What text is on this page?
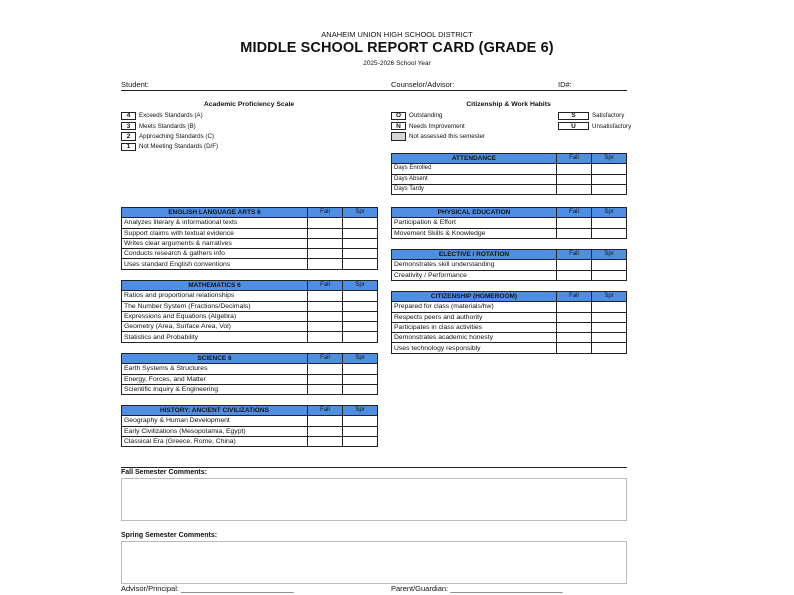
ANAHEIM UNION HIGH SCHOOL DISTRICT
MIDDLE SCHOOL REPORT CARD (GRADE 6)
2025-2026 School Year
Student:	Counselor/Advisor:	ID#:
Academic Proficiency Scale
4	Exceeds Standards (A)
3	Meets Standards (B)
2	Approaching Standards (C)
1	Not Meeting Standards (D/F)
Citizenship & Work Habits
O	Outstanding
N	Needs Improvement
Not assessed this semester
S	Satisfactory
U	Unsatisfactory
ATTENDANCE	Fall	Spr
Days Enrolled		
Days Absent		
Days Tardy		
ENGLISH LANGUAGE ARTS 6	Fall	Spr
Analyzes literary & informational texts		
Support claims with textual evidence		
Writes clear arguments & narratives		
Conducts research & gathers info		
Uses standard English conventions		
MATHEMATICS 6	Fall	Spr
Ratios and proportional relationships		
The Number System (Fractions/Decimals)		
Expressions and Equations (Algebra)		
Geometry (Area, Surface Area, Vol)		
Statistics and Probability		
SCIENCE 6	Fall	Spr
Earth Systems & Structures		
Energy, Forces, and Matter		
Scientific Inquiry & Engineering		
HISTORY: ANCIENT CIVILIZATIONS	Fall	Spr
Geography & Human Development		
Early Civilizations (Mesopotamia, Egypt)		
Classical Era (Greece, Rome, China)		
PHYSICAL EDUCATION	Fall	Spr
Participation & Effort		
Movement Skills & Knowledge		
ELECTIVE / ROTATION	Fall	Spr
Demonstrates skill understanding		
Creativity / Performance		
CITIZENSHIP (HOMEROOM)	Fall	Spr
Prepared for class (materials/hw)		
Respects peers and authority		
Participates in class activities		
Demonstrates academic honesty		
Uses technology responsibly		
Fall Semester Comments:
Spring Semester Comments:
Advisor/Principal: ___________________________	Parent/Guardian: ___________________________
